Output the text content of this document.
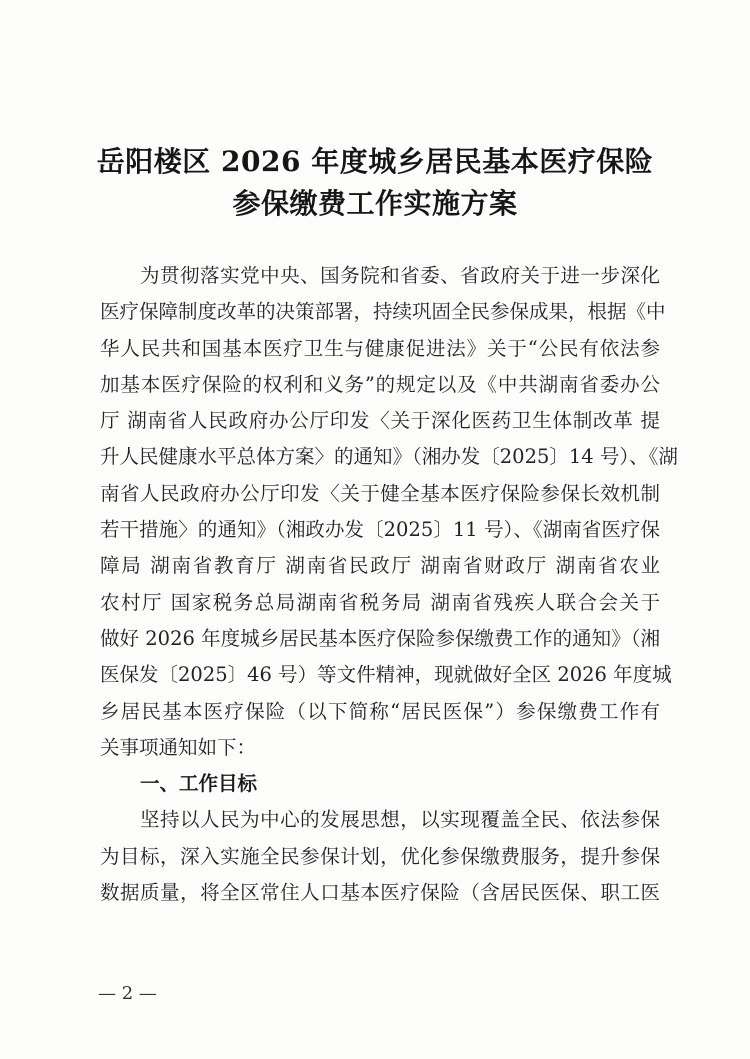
岳阳楼区 2026 年度城乡居民基本医疗保险
参保缴费工作实施方案
为贯彻落实党中央、国务院和省委、省政府关于进一步深化
医疗保障制度改革的决策部署，持续巩固全民参保成果，根据《中
华人民共和国基本医疗卫生与健康促进法》关于“公民有依法参
加基本医疗保险的权利和义务”的规定以及《中共湖南省委办公
厅 湖南省人民政府办公厅印发〈关于深化医药卫生体制改革 提
升人民健康水平总体方案〉的通知》（湘办发〔2025〕14 号）、《湖
南省人民政府办公厅印发〈关于健全基本医疗保险参保长效机制
若干措施〉的通知》（湘政办发〔2025〕11 号）、《湖南省医疗保
障局 湖南省教育厅 湖南省民政厅 湖南省财政厅 湖南省农业
农村厅 国家税务总局湖南省税务局 湖南省残疾人联合会关于
做好 2026 年度城乡居民基本医疗保险参保缴费工作的通知》（湘
医保发〔2025〕46 号）等文件精神，现就做好全区 2026 年度城
乡居民基本医疗保险（以下简称“居民医保”）参保缴费工作有
关事项通知如下：
一、工作目标
坚持以人民为中心的发展思想，以实现覆盖全民、依法参保
为目标，深入实施全民参保计划，优化参保缴费服务，提升参保
数据质量，将全区常住人口基本医疗保险（含居民医保、职工医
— 2 —
